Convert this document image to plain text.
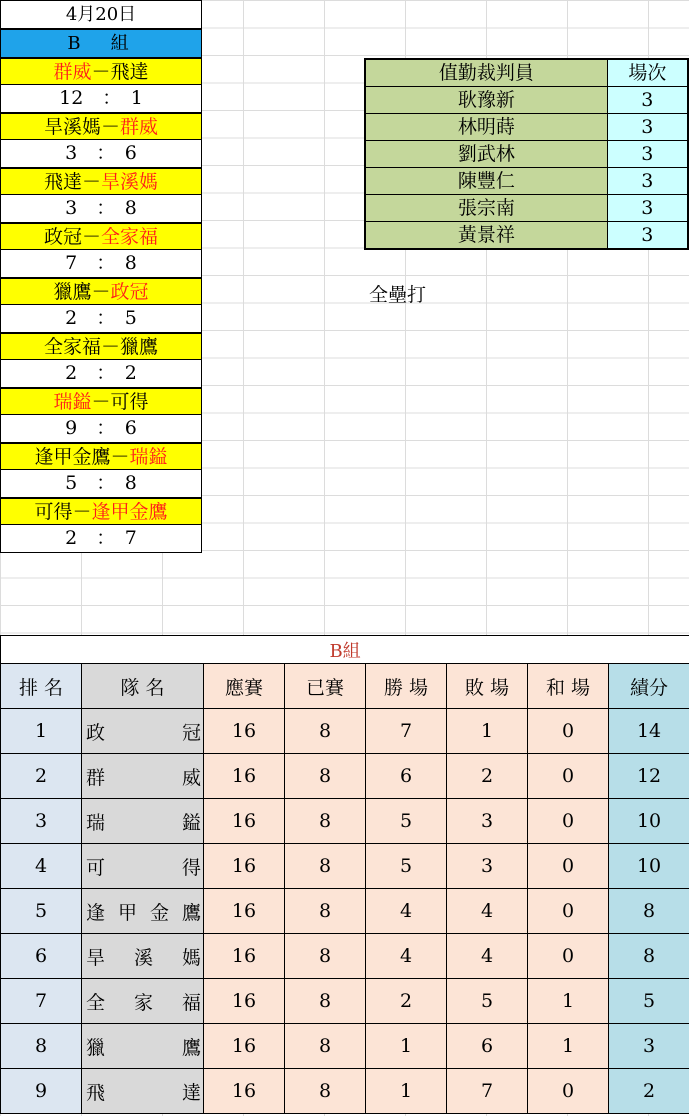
4月20日
B　組
群威－飛達
12　：　1
旱溪媽－群威
3　：　6
飛達－旱溪媽
3　：　8
政冠－全家福
7　：　8
獵鷹－政冠
2　：　5
全家福－獵鷹
2　：　2
瑞鎰－可得
9　：　6
逢甲金鷹－瑞鎰
5　：　8
可得－逢甲金鷹
2　：　7
值勤裁判員	場次
耿豫新	3
林明蒔	3
劉武林	3
陳豐仁	3
張宗南	3
黃景祥	3
全壘打
B組							
排 名	隊 名	應賽	已賽	勝 場	敗 場	和 場	績分
1	政 冠	16	8	7	1	0	14
2	群 威	16	8	6	2	0	12
3	瑞 鎰	16	8	5	3	0	10
4	可 得	16	8	5	3	0	10
5	逢 甲 金 鷹	16	8	4	4	0	8
6	旱 溪 媽	16	8	4	4	0	8
7	全 家 福	16	8	2	5	1	5
8	獵 鷹	16	8	1	6	1	3
9	飛 達	16	8	1	7	0	2
